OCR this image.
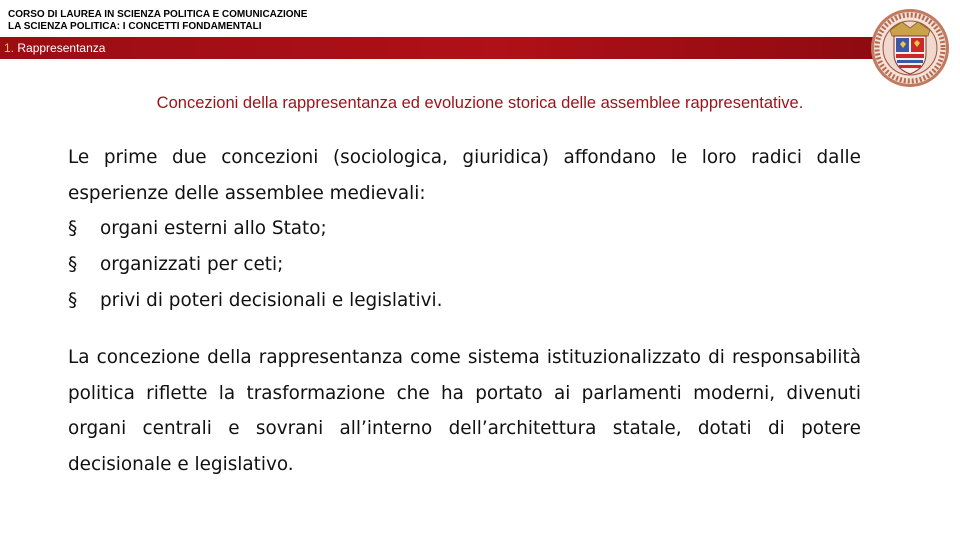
CORSO DI LAUREA IN SCIENZA POLITICA E COMUNICAZIONE
LA SCIENZA POLITICA: I CONCETTI FONDAMENTALI
1. Rappresentanza
Concezioni della rappresentanza ed evoluzione storica delle assemblee rappresentative.
Le prime due concezioni (sociologica, giuridica) affondano le loro radici dalle esperienze delle assemblee medievali:
§	organi esterni allo Stato;
§	organizzati per ceti;
§	privi di poteri decisionali e legislativi.
La concezione della rappresentanza come sistema istituzionalizzato di responsabilità politica riflette la trasformazione che ha portato ai parlamenti moderni, divenuti organi centrali e sovrani all’interno dell’architettura statale, dotati di potere decisionale e legislativo.
